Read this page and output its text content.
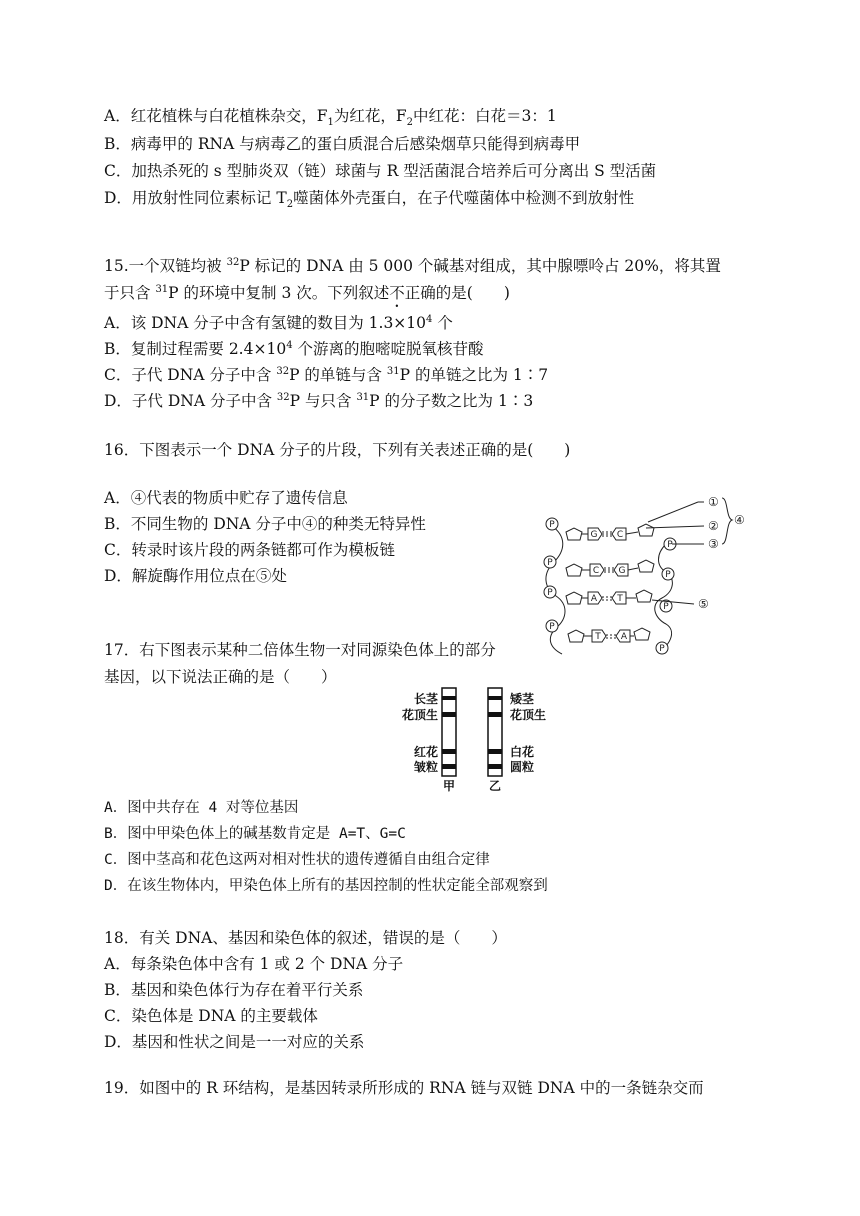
A．红花植株与白花植株杂交，$F_1$为红花，$F_2$中红花：白花＝3：1
B．病毒甲的 RNA 与病毒乙的蛋白质混合后感染烟草只能得到病毒甲
C．加热杀死的 s 型肺炎双（链）球菌与 R 型活菌混合培养后可分离出 S 型活菌
D．用放射性同位素标记 $T_2$噬菌体外壳蛋白，在子代噬菌体中检测不到放射性
15.一个双链均被 $^{32}$P 标记的 DNA 由 5 000 个碱基对组成，其中腺嘌呤占 20%，将其置
于只含 $^{31}$P 的环境中复制 3 次。下列叙述不正确的是(　　)
A．该 DNA 分子中含有氢键的数目为 $1.3\times 10^4$ 个
B．复制过程需要 $2.4\times 10^4$ 个游离的胞嘧啶脱氧核苷酸
C．子代 DNA 分子中含 $^{32}$P 的单链与含 $^{31}$P 的单链之比为 1∶7
D．子代 DNA 分子中含 $^{32}$P 与只含 $^{31}$P 的分子数之比为 1∶3
16．下图表示一个 DNA 分子的片段，下列有关表述正确的是(　　)
A．④代表的物质中贮存了遗传信息
B．不同生物的 DNA 分子中④的种类无特异性
C．转录时该片段的两条链都可作为模板链
D．解旋酶作用位点在⑤处
P
P
P
P
P
P
P
P
G C
C G
A T
T A
①
②
③
④
⑤
17．右下图表示某种二倍体生物一对同源染色体上的部分
基因，以下说法正确的是（　　）
长茎
花顶生
红花
皱粒
矮茎
花顶生
白花
圆粒
甲	乙
A．图中共存在 4 对等位基因
B．图中甲染色体上的碱基数肯定是 A=T、G=C
C．图中茎高和花色这两对相对性状的遗传遵循自由组合定律
D．在该生物体内，甲染色体上所有的基因控制的性状定能全部观察到
18．有关 DNA、基因和染色体的叙述，错误的是（　　）
A．每条染色体中含有 1 或 2 个 DNA 分子
B．基因和染色体行为存在着平行关系
C．染色体是 DNA 的主要载体
D．基因和性状之间是一一对应的关系
19．如图中的 R 环结构，是基因转录所形成的 RNA 链与双链 DNA 中的一条链杂交而
